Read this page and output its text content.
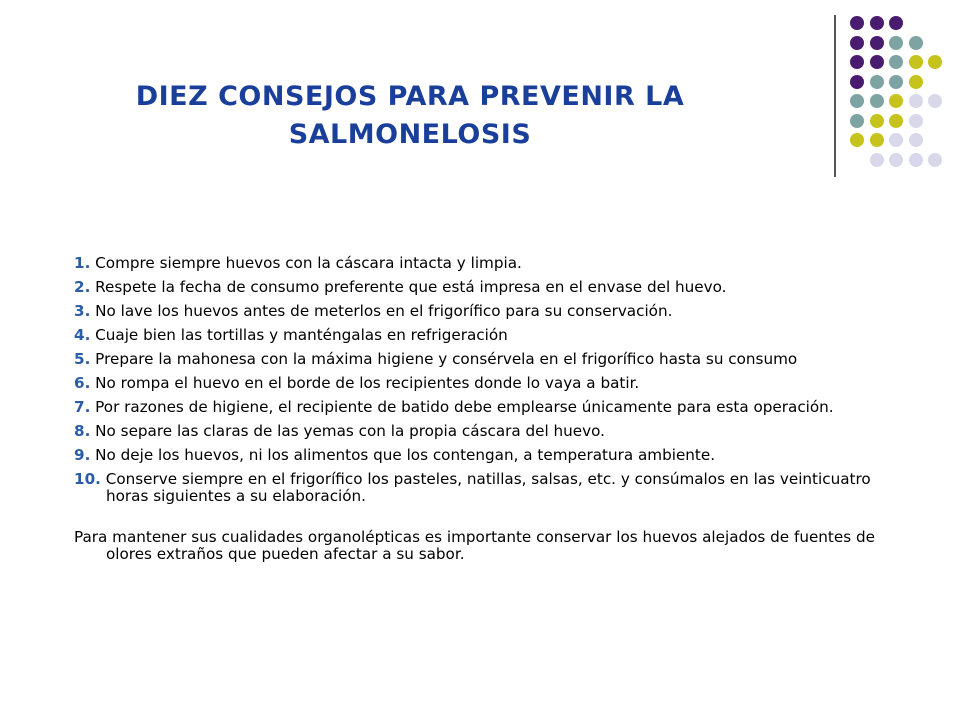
DIEZ CONSEJOS PARA PREVENIR LA
SALMONELOSIS
1. Compre siempre huevos con la cáscara intacta y limpia.
2. Respete la fecha de consumo preferente que está impresa en el envase del huevo.
3. No lave los huevos antes de meterlos en el frigorífico para su conservación.
4. Cuaje bien las tortillas y manténgalas en refrigeración
5. Prepare la mahonesa con la máxima higiene y consérvela en el frigorífico hasta su consumo
6. No rompa el huevo en el borde de los recipientes donde lo vaya a batir.
7. Por razones de higiene, el recipiente de batido debe emplearse únicamente para esta operación.
8. No separe las claras de las yemas con la propia cáscara del huevo.
9. No deje los huevos, ni los alimentos que los contengan, a temperatura ambiente.
10. Conserve siempre en el frigorífico los pasteles, natillas, salsas, etc. y consúmalos en las veinticuatro horas siguientes a su elaboración.
Para mantener sus cualidades organolépticas es importante conservar los huevos alejados de fuentes de olores extraños que pueden afectar a su sabor.
